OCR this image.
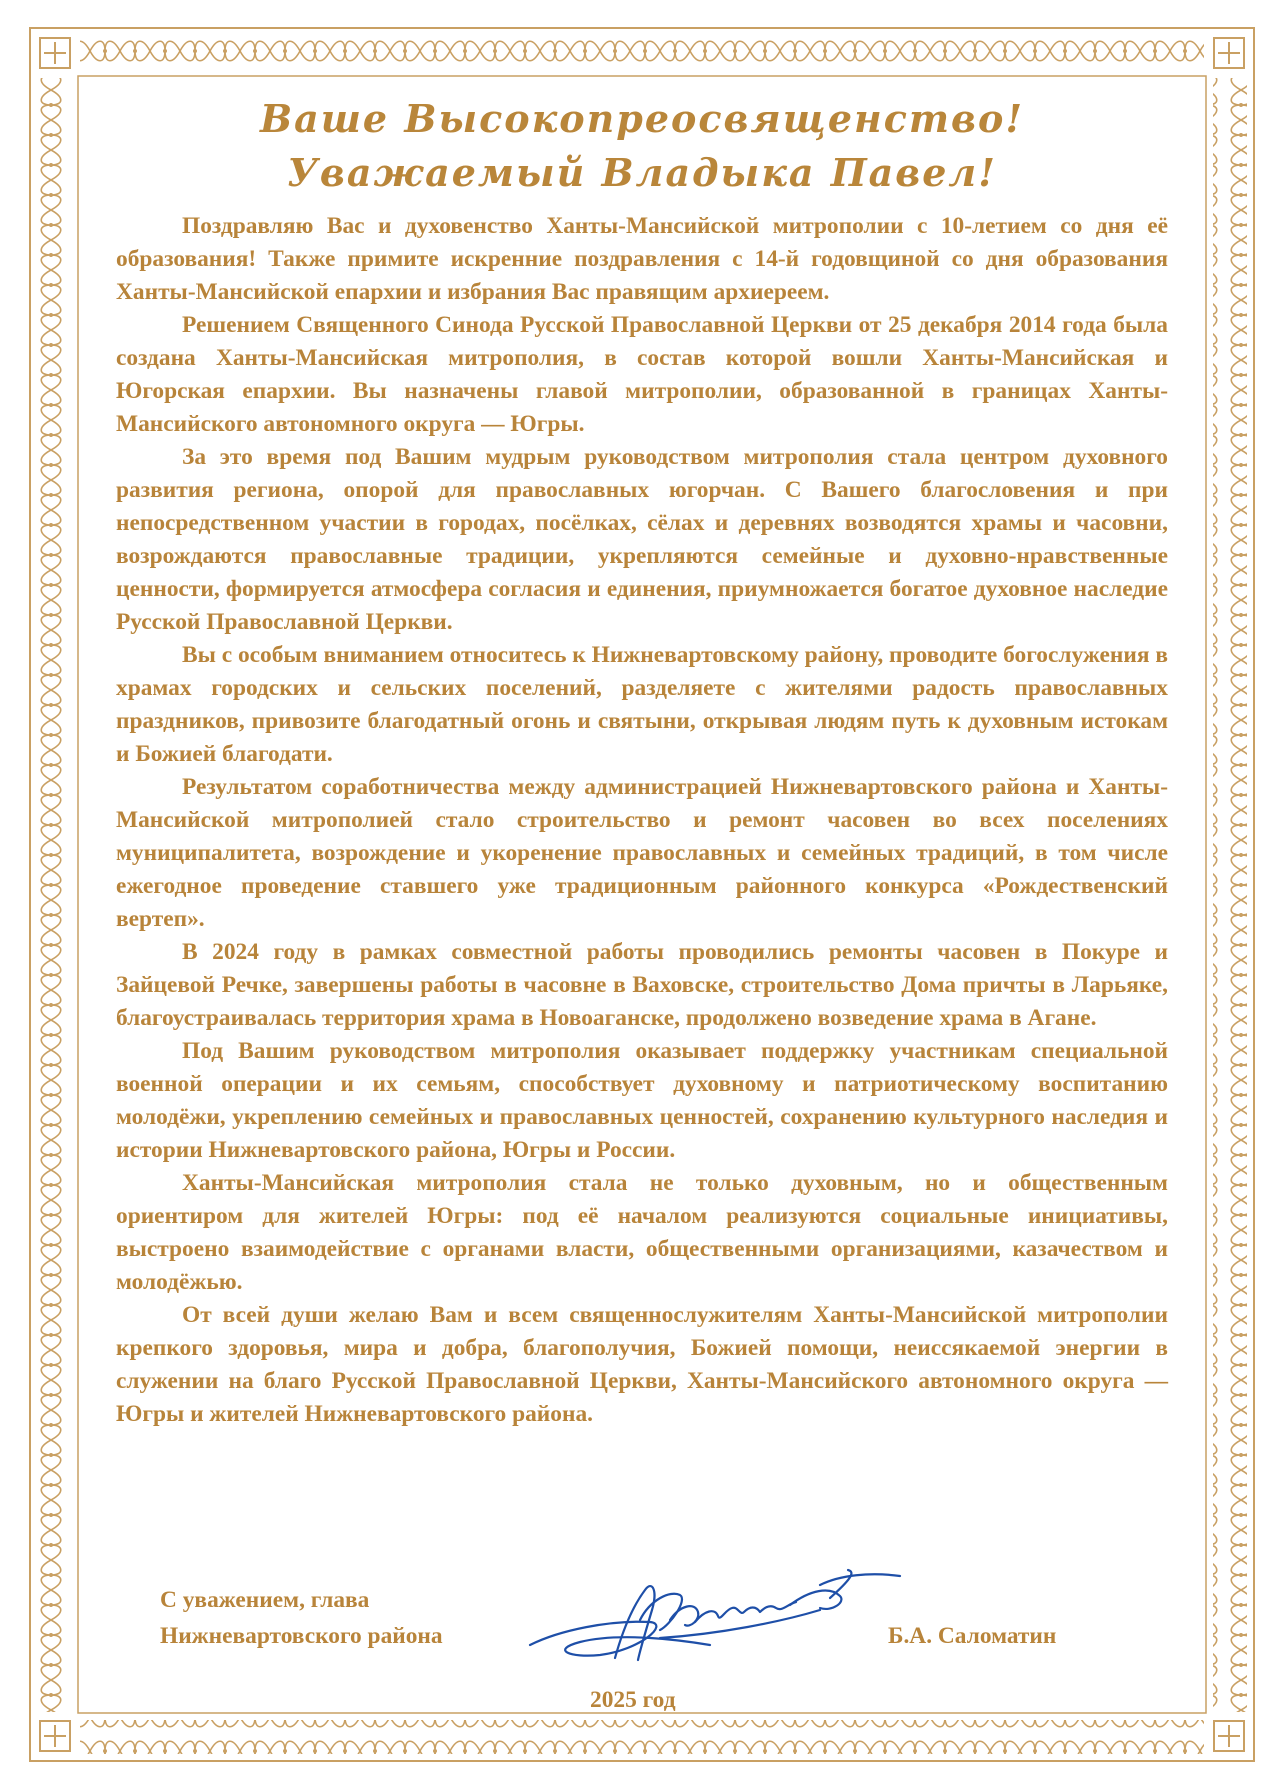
Ваше Высокопреосвященство!
Уважаемый Владыка Павел!

Поздравляю Вас и духовенство Ханты-Мансийской митрополии с 10-летием со дня её образования! Также примите искренние поздравления с 14-й годовщиной со дня образования Ханты-Мансийской епархии и избрания Вас правящим архиереем.

Решением Священного Синода Русской Православной Церкви от 25 декабря 2014 года была создана Ханты-Мансийская митрополия, в состав которой вошли Ханты-Мансийская и Югорская епархии. Вы назначены главой митрополии, образованной в границах Ханты-Мансийского автономного округа — Югры.

За это время под Вашим мудрым руководством митрополия стала центром духовного развития региона, опорой для православных югорчан. С Вашего благословения и при непосредственном участии в городах, посёлках, сёлах и деревнях возводятся храмы и часовни, возрождаются православные традиции, укрепляются семейные и духовно-нравственные ценности, формируется атмосфера согласия и единения, приумножается богатое духовное наследие Русской Православной Церкви.

Вы с особым вниманием относитесь к Нижневартовскому району, проводите богослужения в храмах городских и сельских поселений, разделяете с жителями радость православных праздников, привозите благодатный огонь и святыни, открывая людям путь к духовным истокам и Божией благодати.

Результатом соработничества между администрацией Нижневартовского района и Ханты-Мансийской митрополией стало строительство и ремонт часовен во всех поселениях муниципалитета, возрождение и укоренение православных и семейных традиций, в том числе ежегодное проведение ставшего уже традиционным районного конкурса «Рождественский вертеп».

В 2024 году в рамках совместной работы проводились ремонты часовен в Покуре и Зайцевой Речке, завершены работы в часовне в Ваховске, строительство Дома причты в Ларьяке, благоустраивалась территория храма в Новоаганске, продолжено возведение храма в Агане.

Под Вашим руководством митрополия оказывает поддержку участникам специальной военной операции и их семьям, способствует духовному и патриотическому воспитанию молодёжи, укреплению семейных и православных ценностей, сохранению культурного наследия и истории Нижневартовского района, Югры и России.

Ханты-Мансийская митрополия стала не только духовным, но и общественным ориентиром для жителей Югры: под её началом реализуются социальные инициативы, выстроено взаимодействие с органами власти, общественными организациями, казачеством и молодёжью.

От всей души желаю Вам и всем священнослужителям Ханты-Мансийской митрополии крепкого здоровья, мира и добра, благополучия, Божией помощи, неиссякаемой энергии в служении на благо Русской Православной Церкви, Ханты-Мансийского автономного округа — Югры и жителей Нижневартовского района.

С уважением, глава
Нижневартовского района	Б.А. Саломатин
2025 год
